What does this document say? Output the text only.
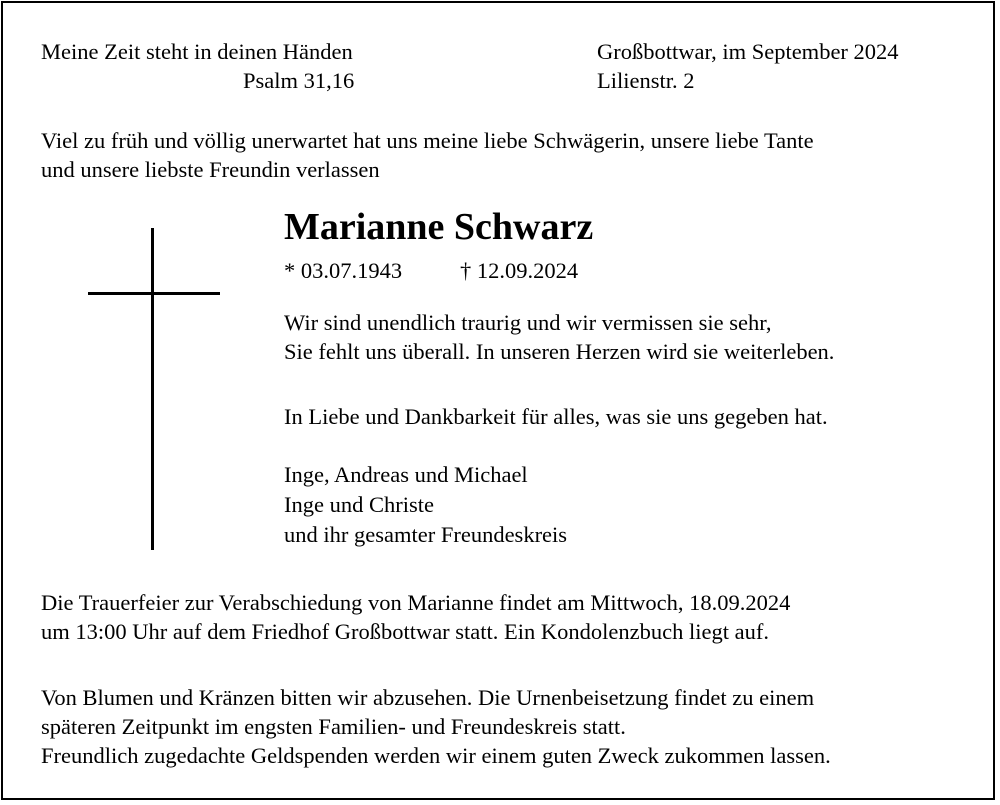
Meine Zeit steht in deinen Händen

Psalm 31,16

Großbottwar, im September 2024

Lilienstr. 2

Viel zu früh und völlig unerwartet hat uns meine liebe Schwägerin, unsere liebe Tante

und unsere liebste Freundin verlassen

Marianne Schwarz

* 03.07.1943	† 12.09.2024

Wir sind unendlich traurig und wir vermissen sie sehr,

Sie fehlt uns überall. In unseren Herzen wird sie weiterleben.

In Liebe und Dankbarkeit für alles, was sie uns gegeben hat.

Inge, Andreas und Michael

Inge und Christe

und ihr gesamter Freundeskreis

Die Trauerfeier zur Verabschiedung von Marianne findet am Mittwoch, 18.09.2024

um 13:00 Uhr auf dem Friedhof Großbottwar statt. Ein Kondolenzbuch liegt auf.

Von Blumen und Kränzen bitten wir abzusehen. Die Urnenbeisetzung findet zu einem

späteren Zeitpunkt im engsten Familien- und Freundeskreis statt.

Freundlich zugedachte Geldspenden werden wir einem guten Zweck zukommen lassen.
